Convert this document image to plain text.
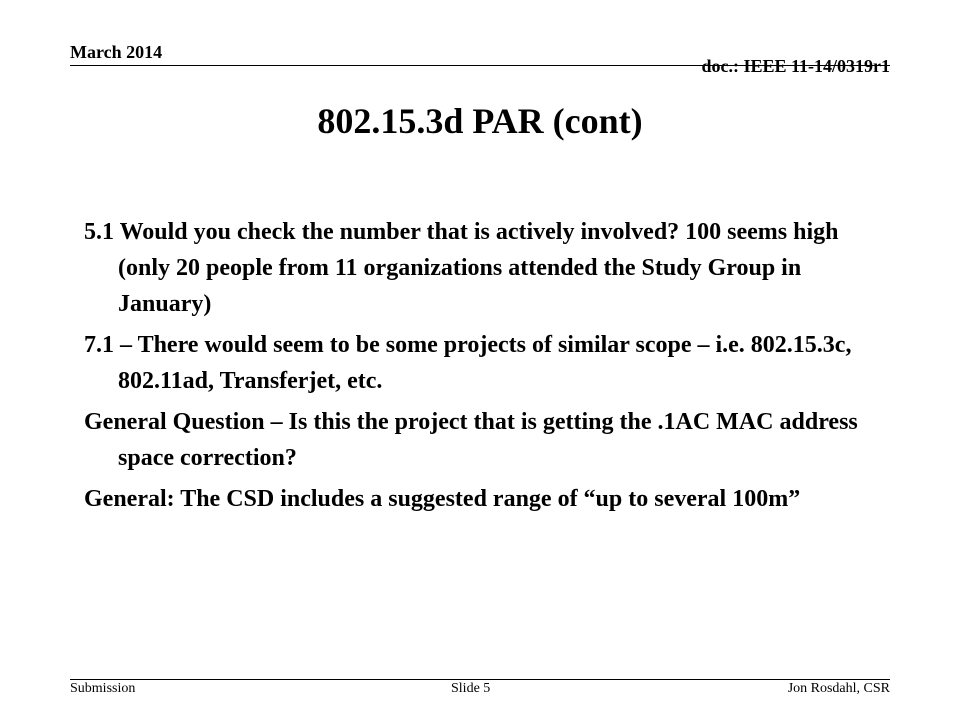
March 2014
doc.: IEEE 11-14/0319r1
802.15.3d PAR (cont)
5.1 Would you check the number that is actively involved? 100 seems high (only 20 people from 11 organizations attended the Study Group in January)
7.1 – There would seem to be some projects of similar scope – i.e. 802.15.3c, 802.11ad, Transferjet, etc.
General Question – Is this the project that is getting the .1AC MAC address space correction?
General: The CSD includes a suggested range of “up to several 100m”
Submission	Slide 5	Jon Rosdahl, CSR
